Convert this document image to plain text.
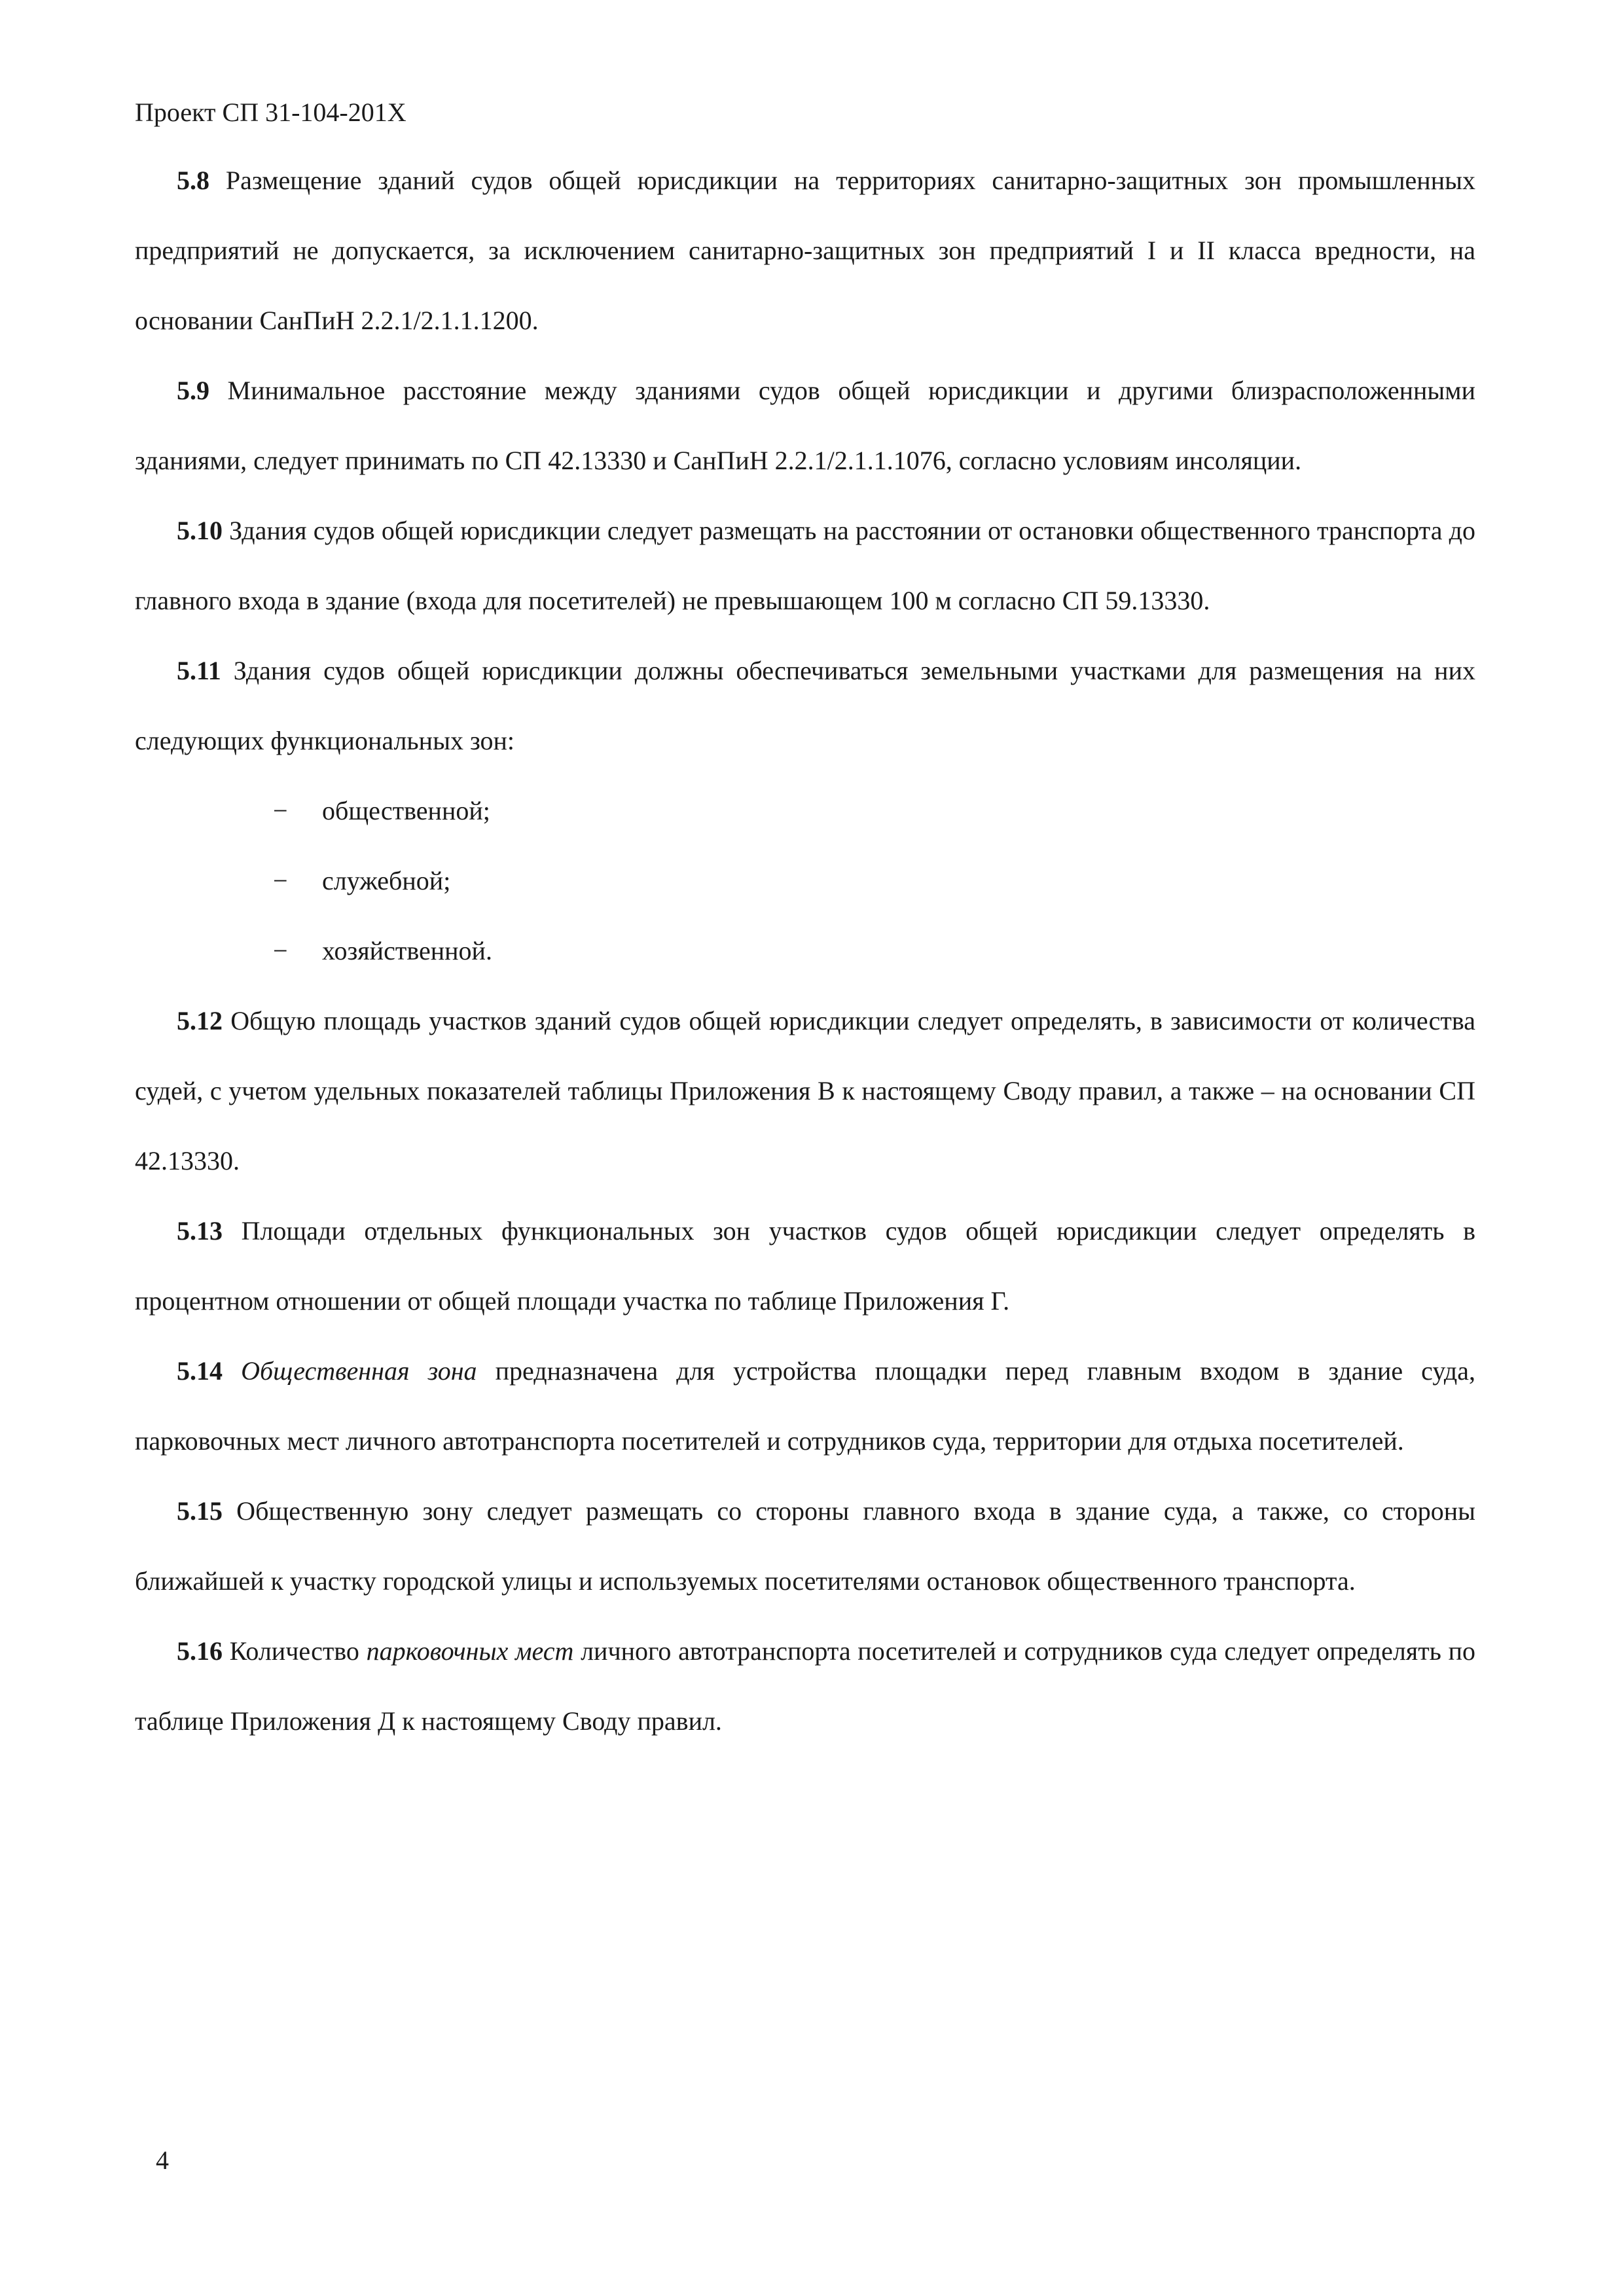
Проект СП 31-104-201Х

5.8 Размещение зданий судов общей юрисдикции на территориях санитарно-защитных зон промышленных предприятий не допускается, за исключением санитарно-защитных зон предприятий I и II класса вредности, на основании СанПиН 2.2.1/2.1.1.1200.

5.9 Минимальное расстояние между зданиями судов общей юрисдикции и другими близрасположенными зданиями, следует принимать по СП 42.13330 и СанПиН 2.2.1/2.1.1.1076, согласно условиям инсоляции.

5.10 Здания судов общей юрисдикции следует размещать на расстоянии от остановки общественного транспорта до главного входа в здание (входа для посетителей) не превышающем 100 м согласно СП 59.13330.

5.11 Здания судов общей юрисдикции должны обеспечиваться земельными участками для размещения на них следующих функциональных зон:

− общественной;

− служебной;

− хозяйственной.

5.12 Общую площадь участков зданий судов общей юрисдикции следует определять, в зависимости от количества судей, с учетом удельных показателей таблицы Приложения В к настоящему Своду правил, а также – на основании СП 42.13330.

5.13 Площади отдельных функциональных зон участков судов общей юрисдикции следует определять в процентном отношении от общей площади участка по таблице Приложения Г.

5.14 Общественная зона предназначена для устройства площадки перед главным входом в здание суда, парковочных мест личного автотранспорта посетителей и сотрудников суда, территории для отдыха посетителей.

5.15 Общественную зону следует размещать со стороны главного входа в здание суда, а также, со стороны ближайшей к участку городской улицы и используемых посетителями остановок общественного транспорта.

5.16 Количество парковочных мест личного автотранспорта посетителей и сотрудников суда следует определять по таблице Приложения Д к настоящему Своду правил.

4
